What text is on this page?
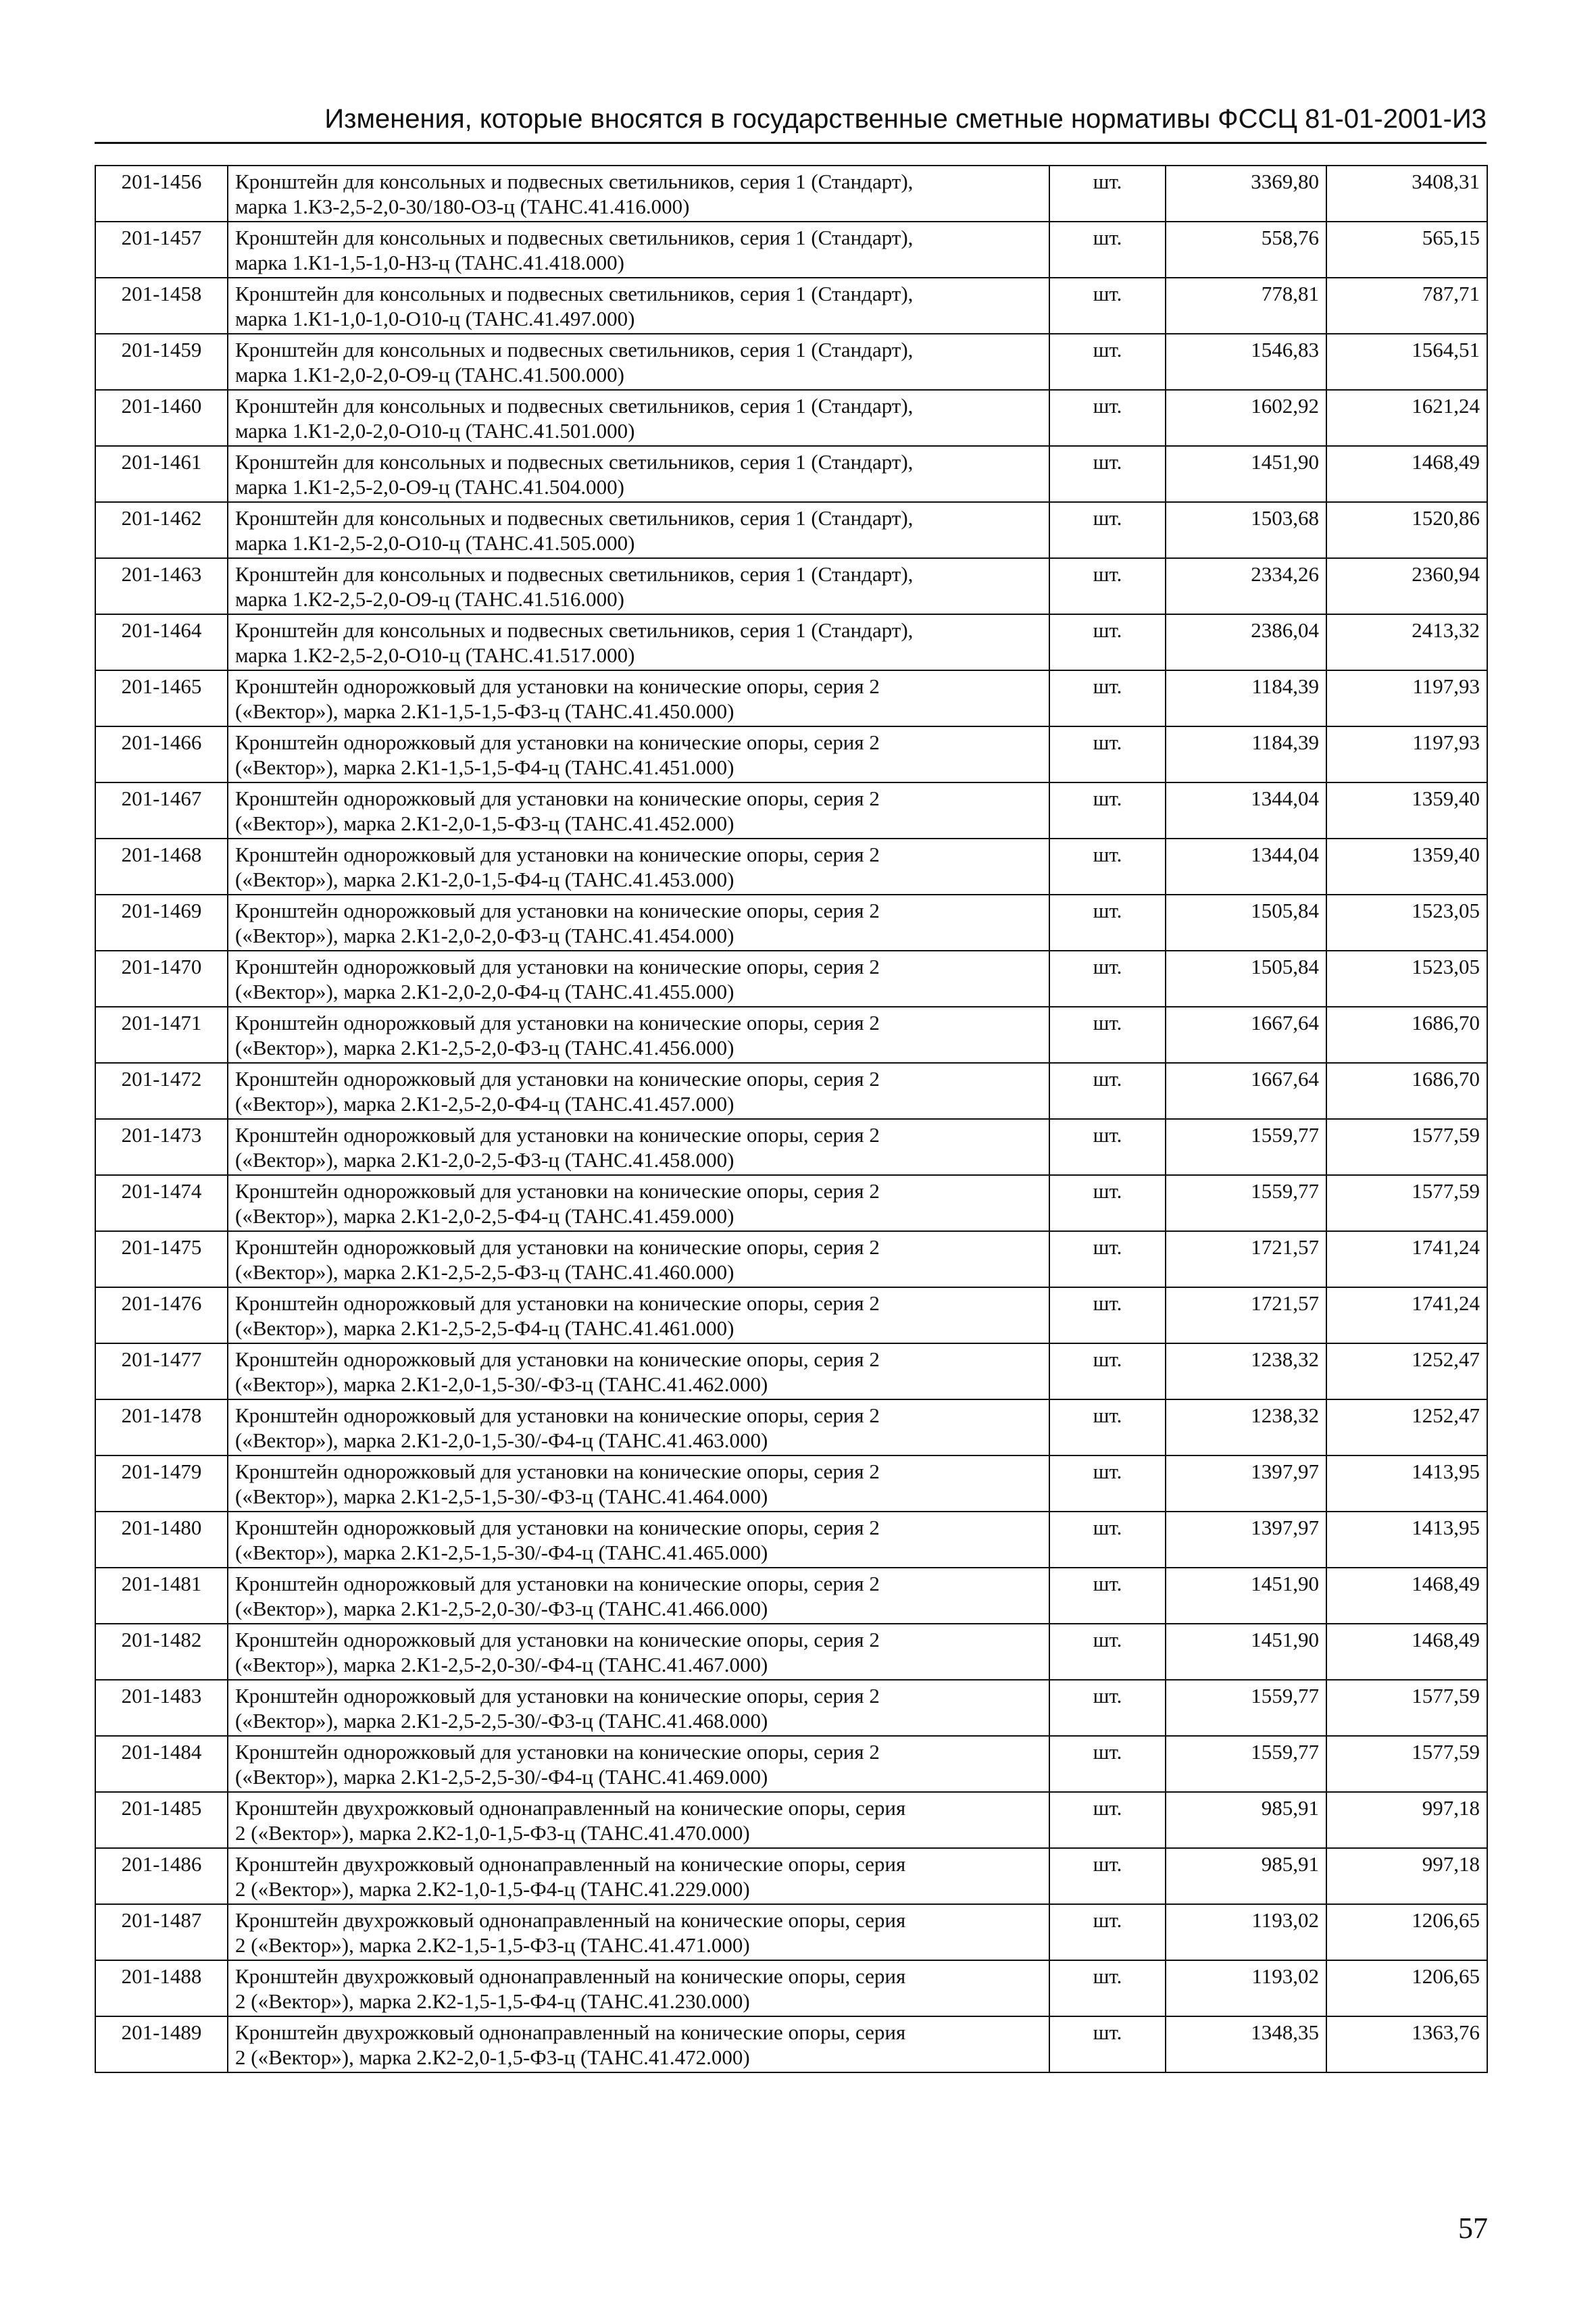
Изменения, которые вносятся в государственные сметные нормативы ФССЦ 81-01-2001-И3
201-1456	Кронштейн для консольных и подвесных светильников, серия 1 (Стандарт),
марка 1.К3-2,5-2,0-30/180-О3-ц (ТАНС.41.416.000)	шт.	3369,80	3408,31
201-1457	Кронштейн для консольных и подвесных светильников, серия 1 (Стандарт),
марка 1.К1-1,5-1,0-Н3-ц (ТАНС.41.418.000)	шт.	558,76	565,15
201-1458	Кронштейн для консольных и подвесных светильников, серия 1 (Стандарт),
марка 1.К1-1,0-1,0-О10-ц (ТАНС.41.497.000)	шт.	778,81	787,71
201-1459	Кронштейн для консольных и подвесных светильников, серия 1 (Стандарт),
марка 1.К1-2,0-2,0-О9-ц (ТАНС.41.500.000)	шт.	1546,83	1564,51
201-1460	Кронштейн для консольных и подвесных светильников, серия 1 (Стандарт),
марка 1.К1-2,0-2,0-О10-ц (ТАНС.41.501.000)	шт.	1602,92	1621,24
201-1461	Кронштейн для консольных и подвесных светильников, серия 1 (Стандарт),
марка 1.К1-2,5-2,0-О9-ц (ТАНС.41.504.000)	шт.	1451,90	1468,49
201-1462	Кронштейн для консольных и подвесных светильников, серия 1 (Стандарт),
марка 1.К1-2,5-2,0-О10-ц (ТАНС.41.505.000)	шт.	1503,68	1520,86
201-1463	Кронштейн для консольных и подвесных светильников, серия 1 (Стандарт),
марка 1.К2-2,5-2,0-О9-ц (ТАНС.41.516.000)	шт.	2334,26	2360,94
201-1464	Кронштейн для консольных и подвесных светильников, серия 1 (Стандарт),
марка 1.К2-2,5-2,0-О10-ц (ТАНС.41.517.000)	шт.	2386,04	2413,32
201-1465	Кронштейн однорожковый для установки на конические опоры, серия 2
(«Вектор»), марка 2.К1-1,5-1,5-Ф3-ц (ТАНС.41.450.000)	шт.	1184,39	1197,93
201-1466	Кронштейн однорожковый для установки на конические опоры, серия 2
(«Вектор»), марка 2.К1-1,5-1,5-Ф4-ц (ТАНС.41.451.000)	шт.	1184,39	1197,93
201-1467	Кронштейн однорожковый для установки на конические опоры, серия 2
(«Вектор»), марка 2.К1-2,0-1,5-Ф3-ц (ТАНС.41.452.000)	шт.	1344,04	1359,40
201-1468	Кронштейн однорожковый для установки на конические опоры, серия 2
(«Вектор»), марка 2.К1-2,0-1,5-Ф4-ц (ТАНС.41.453.000)	шт.	1344,04	1359,40
201-1469	Кронштейн однорожковый для установки на конические опоры, серия 2
(«Вектор»), марка 2.К1-2,0-2,0-Ф3-ц (ТАНС.41.454.000)	шт.	1505,84	1523,05
201-1470	Кронштейн однорожковый для установки на конические опоры, серия 2
(«Вектор»), марка 2.К1-2,0-2,0-Ф4-ц (ТАНС.41.455.000)	шт.	1505,84	1523,05
201-1471	Кронштейн однорожковый для установки на конические опоры, серия 2
(«Вектор»), марка 2.К1-2,5-2,0-Ф3-ц (ТАНС.41.456.000)	шт.	1667,64	1686,70
201-1472	Кронштейн однорожковый для установки на конические опоры, серия 2
(«Вектор»), марка 2.К1-2,5-2,0-Ф4-ц (ТАНС.41.457.000)	шт.	1667,64	1686,70
201-1473	Кронштейн однорожковый для установки на конические опоры, серия 2
(«Вектор»), марка 2.К1-2,0-2,5-Ф3-ц (ТАНС.41.458.000)	шт.	1559,77	1577,59
201-1474	Кронштейн однорожковый для установки на конические опоры, серия 2
(«Вектор»), марка 2.К1-2,0-2,5-Ф4-ц (ТАНС.41.459.000)	шт.	1559,77	1577,59
201-1475	Кронштейн однорожковый для установки на конические опоры, серия 2
(«Вектор»), марка 2.К1-2,5-2,5-Ф3-ц (ТАНС.41.460.000)	шт.	1721,57	1741,24
201-1476	Кронштейн однорожковый для установки на конические опоры, серия 2
(«Вектор»), марка 2.К1-2,5-2,5-Ф4-ц (ТАНС.41.461.000)	шт.	1721,57	1741,24
201-1477	Кронштейн однорожковый для установки на конические опоры, серия 2
(«Вектор»), марка 2.К1-2,0-1,5-30/-Ф3-ц (ТАНС.41.462.000)	шт.	1238,32	1252,47
201-1478	Кронштейн однорожковый для установки на конические опоры, серия 2
(«Вектор»), марка 2.К1-2,0-1,5-30/-Ф4-ц (ТАНС.41.463.000)	шт.	1238,32	1252,47
201-1479	Кронштейн однорожковый для установки на конические опоры, серия 2
(«Вектор»), марка 2.К1-2,5-1,5-30/-Ф3-ц (ТАНС.41.464.000)	шт.	1397,97	1413,95
201-1480	Кронштейн однорожковый для установки на конические опоры, серия 2
(«Вектор»), марка 2.К1-2,5-1,5-30/-Ф4-ц (ТАНС.41.465.000)	шт.	1397,97	1413,95
201-1481	Кронштейн однорожковый для установки на конические опоры, серия 2
(«Вектор»), марка 2.К1-2,5-2,0-30/-Ф3-ц (ТАНС.41.466.000)	шт.	1451,90	1468,49
201-1482	Кронштейн однорожковый для установки на конические опоры, серия 2
(«Вектор»), марка 2.К1-2,5-2,0-30/-Ф4-ц (ТАНС.41.467.000)	шт.	1451,90	1468,49
201-1483	Кронштейн однорожковый для установки на конические опоры, серия 2
(«Вектор»), марка 2.К1-2,5-2,5-30/-Ф3-ц (ТАНС.41.468.000)	шт.	1559,77	1577,59
201-1484	Кронштейн однорожковый для установки на конические опоры, серия 2
(«Вектор»), марка 2.К1-2,5-2,5-30/-Ф4-ц (ТАНС.41.469.000)	шт.	1559,77	1577,59
201-1485	Кронштейн двухрожковый однонаправленный на конические опоры, серия
2 («Вектор»), марка 2.К2-1,0-1,5-Ф3-ц (ТАНС.41.470.000)	шт.	985,91	997,18
201-1486	Кронштейн двухрожковый однонаправленный на конические опоры, серия
2 («Вектор»), марка 2.К2-1,0-1,5-Ф4-ц (ТАНС.41.229.000)	шт.	985,91	997,18
201-1487	Кронштейн двухрожковый однонаправленный на конические опоры, серия
2 («Вектор»), марка 2.К2-1,5-1,5-Ф3-ц (ТАНС.41.471.000)	шт.	1193,02	1206,65
201-1488	Кронштейн двухрожковый однонаправленный на конические опоры, серия
2 («Вектор»), марка 2.К2-1,5-1,5-Ф4-ц (ТАНС.41.230.000)	шт.	1193,02	1206,65
201-1489	Кронштейн двухрожковый однонаправленный на конические опоры, серия
2 («Вектор»), марка 2.К2-2,0-1,5-Ф3-ц (ТАНС.41.472.000)	шт.	1348,35	1363,76
57
